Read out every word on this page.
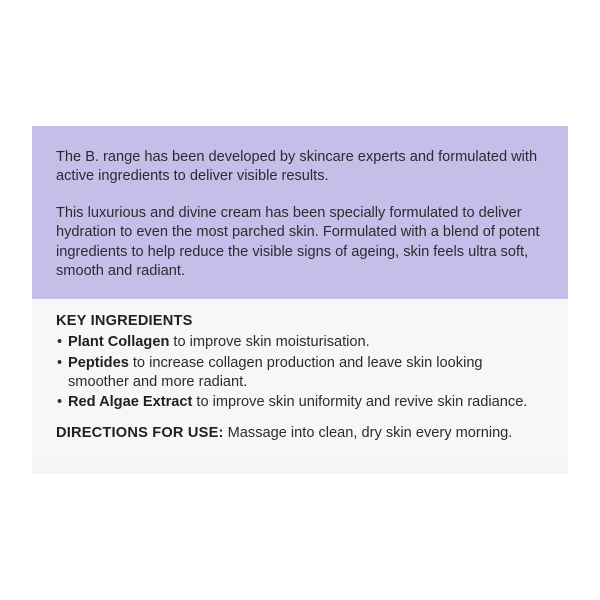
The B. range has been developed by skincare experts and formulated with active ingredients to deliver visible results.

This luxurious and divine cream has been specially formulated to deliver hydration to even the most parched skin. Formulated with a blend of potent ingredients to help reduce the visible signs of ageing, skin feels ultra soft, smooth and radiant.

KEY INGREDIENTS
• Plant Collagen to improve skin moisturisation.
• Peptides to increase collagen production and leave skin looking smoother and more radiant.
• Red Algae Extract to improve skin uniformity and revive skin radiance.

DIRECTIONS FOR USE: Massage into clean, dry skin every morning.
